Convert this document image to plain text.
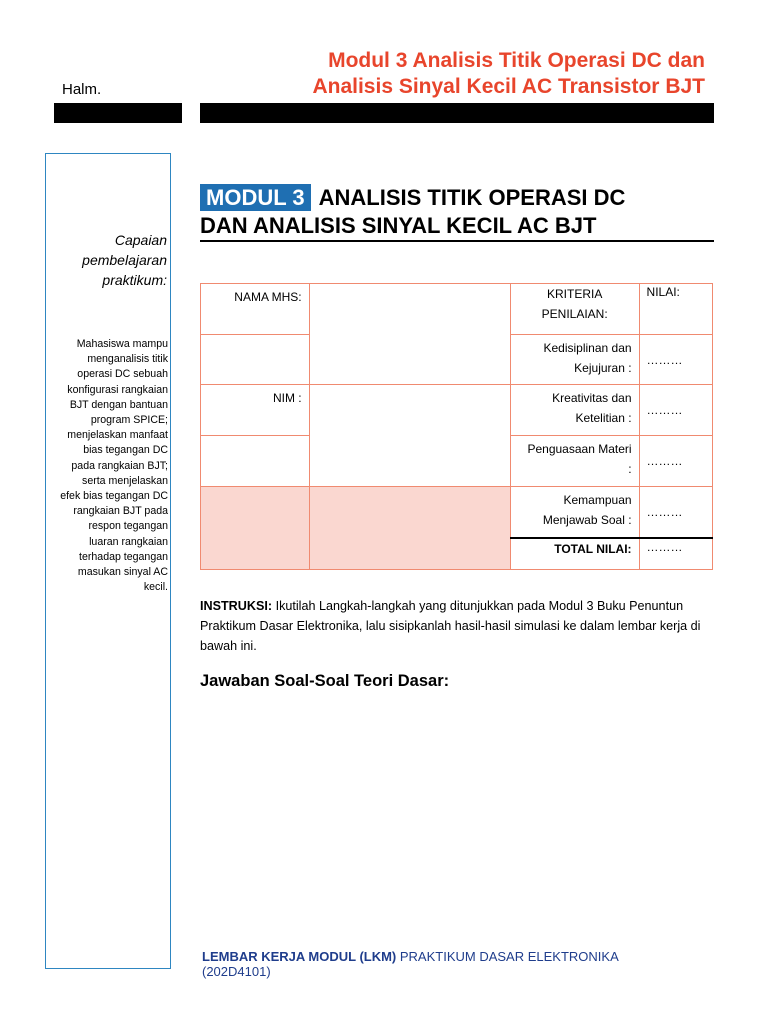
Modul 3 Analisis Titik Operasi DC dan
Analisis Sinyal Kecil AC Transistor BJT
Halm.
Capaian
pembelajaran
praktikum:
Mahasiswa mampu
menganalisis titik
operasi DC sebuah
konfigurasi rangkaian
BJT dengan bantuan
program SPICE;
menjelaskan manfaat
bias tegangan DC
pada rangkaian BJT;
serta menjelaskan
efek bias tegangan DC
rangkaian BJT pada
respon tegangan
luaran rangkaian
terhadap tegangan
masukan sinyal AC
kecil.
MODUL 3 ANALISIS TITIK OPERASI DC
DAN ANALISIS SINYAL KECIL AC BJT
NAMA MHS:		KRITERIA
PENILAIAN:	NILAI:

		Kedisiplinan dan
Kejujuran :	………
NIM :		Kreativitas dan
Ketelitian :	………

		Penguasaan Materi
:	………

		Kemampuan
Menjawab Soal :	………
		TOTAL NILAI:	………
INSTRUKSI: Ikutilah Langkah-langkah yang ditunjukkan pada Modul 3 Buku Penuntun Praktikum Dasar Elektronika, lalu sisipkanlah hasil-hasil simulasi ke dalam lembar kerja di bawah ini.
Jawaban Soal-Soal Teori Dasar:
LEMBAR KERJA MODUL (LKM) PRAKTIKUM DASAR ELEKTRONIKA
(202D4101)
